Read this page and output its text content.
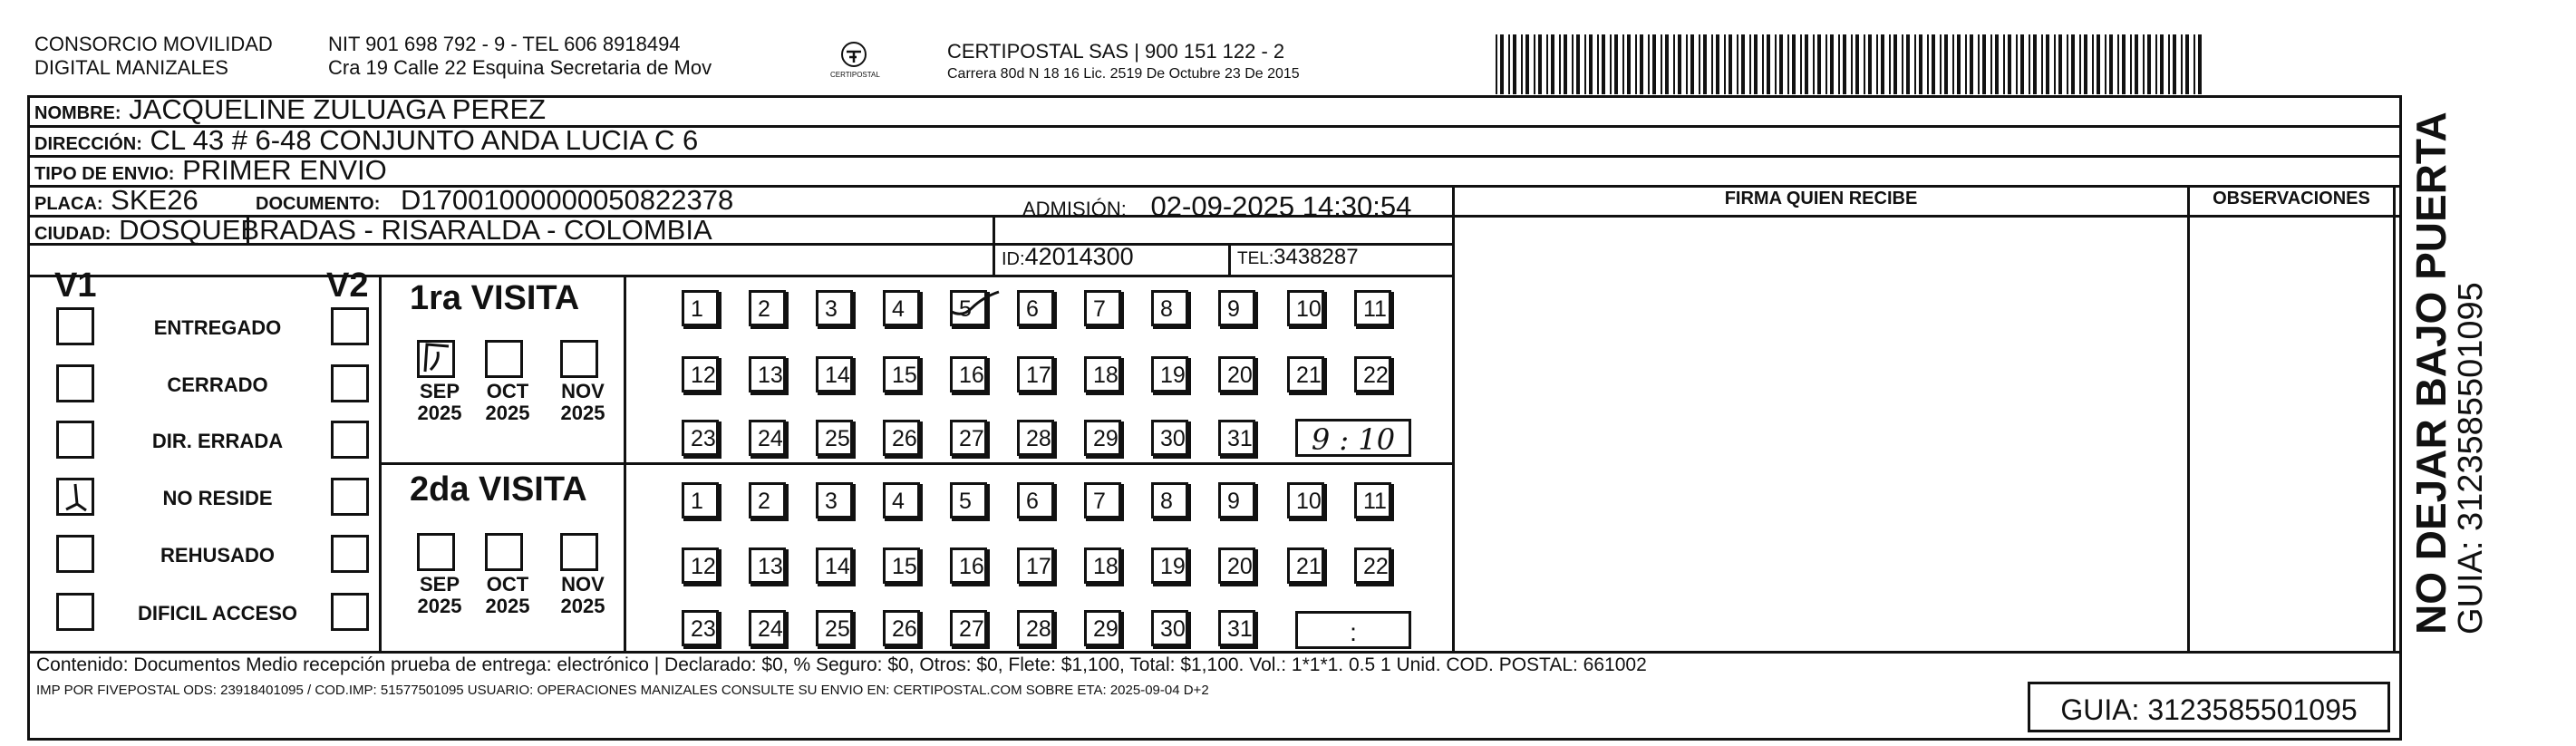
CONSORCIO MOVILIDAD
DIGITAL MANIZALES
NIT 901 698 792 - 9 - TEL 606 8918494
Cra 19 Calle 22 Esquina Secretaria de Mov	CERTIPOSTAL
CERTIPOSTAL SAS | 900 151 122 - 2
Carrera 80d N 18 16 Lic. 2519 De Octubre 23 De 2015
NOMBRE: JACQUELINE ZULUAGA PEREZ
DIRECCIÓN: CL 43 # 6-48 CONJUNTO ANDA LUCIA C 6
TIPO DE ENVIO: PRIMER ENVIO
PLACA: SKE26	DOCUMENTO: D17001000000050822378	ADMISIÓN: 02-09-2025 14:30:54
CIUDAD: DOSQUEBRADAS - RISARALDA - COLOMBIA
ID:42014300	TEL:3438287
FIRMA QUIEN RECIBE	OBSERVACIONES
V1	V2
ENTREGADO
CERRADO
DIR. ERRADA
NO RESIDE
REHUSADO
DIFICIL ACCESO
1ra VISITA
2da VISITA
SEP
2025
OCT
2025
NOV
2025
SEP
2025
OCT
2025
NOV
2025
1	2	3	4	5	6	7	8	9	10	11
12	13	14	15	16	17	18	19	20	21	22
23	24	25	26	27	28	29	30	31
1	2	3	4	5	6	7	8	9	10	11
12	13	14	15	16	17	18	19	20	21	22
23	24	25	26	27	28	29	30	31
9 : 10
:
Contenido: Documentos Medio recepción prueba de entrega: electrónico | Declarado: $0, % Seguro: $0, Otros: $0, Flete: $1,100, Total: $1,100. Vol.: 1*1*1. 0.5 1 Unid. COD. POSTAL: 661002
IMP POR FIVEPOSTAL ODS: 23918401095 / COD.IMP: 51577501095 USUARIO: OPERACIONES MANIZALES CONSULTE SU ENVIO EN: CERTIPOSTAL.COM SOBRE ETA: 2025-09-04 D+2
GUIA: 3123585501095
NO DEJAR BAJO PUERTA
GUIA: 3123585501095
